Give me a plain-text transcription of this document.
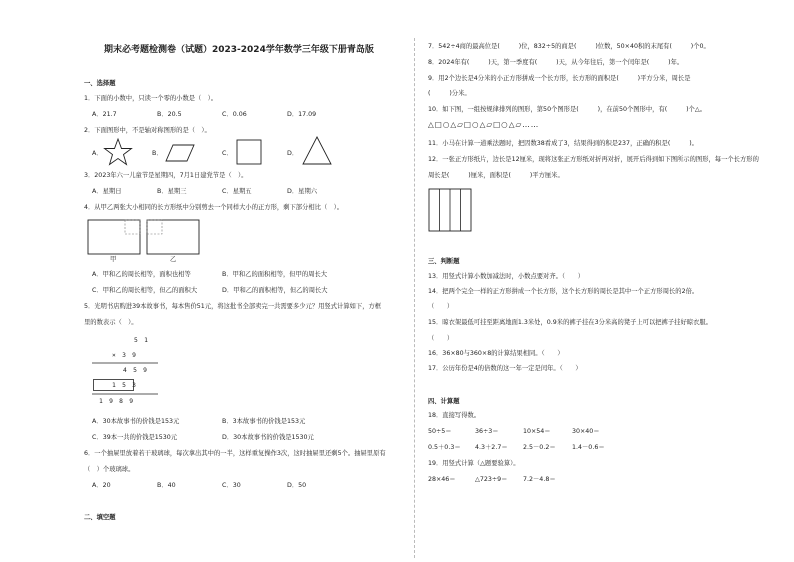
期末必考题检测卷（试题）2023-2024学年数学三年级下册青岛版
一、选择题
1．下面的小数中，只读一个零的小数是（　）。
A．21.7	B．20.5	C．0.06	D．17.09
2．下面图形中，不是轴对称图形的是（　）。
A．	B．	C．	D．
3．2023年六一儿童节是星期四，7月1日建党节是（　）。
A．星期日	B．星期三	C．星期五	D．星期六
4．从甲乙两张大小相同的长方形纸中分别剪去一个同样大小的正方形，剩下部分相比（　）。
甲	乙
A．甲和乙的周长相等，面积也相等	B．甲和乙的面积相等，但甲的周长大
C．甲和乙的周长相等，但乙的面积大	D．甲和乙的面积相等，但乙的周长大
5．光明书店购进39本故事书，每本售价51元，将这批书全部卖完一共需要多少元？用竖式计算如下，方框
里的数表示（　）。
5　1
×　3　9
4　5　9
1　5　3
1　9　8　9
A．30本故事书的价钱是153元	B．3本故事书的价钱是153元
C．39本一共的价钱是1530元	D．30本故事书的价钱是1530元
6．一个抽屉里放着若干玻璃球，每次拿出其中的一半，这样重复操作3次，这时抽屉里还剩5个。抽屉里原有
（　）个玻璃球。
A．20	B．40	C．30	D．50
二、填空题
7．542÷4商的最高位是(　　　)位，832÷5的商是(　　　)位数，50×40积的末尾有(　　　)个0。
8．2024年有(　　　)天，第一季度有(　　　)天，从今年往后，第一个闰年是(　　　)年。
9．用2个边长是4分米的小正方形拼成一个长方形，长方形的面积是(　　　)平方分米，周长是
(　　　)分米。
10．如下图，一组按规律排列的图形，第50个图形是(　　　)，在前50个图形中，有(　　　)个△。
△□○△▱□○△▱□○△▱……
11．小马在计算一道乘法题时，把因数38看成了3，结果得到的积是237，正确的积是(　　　)。
12．一张正方形纸片，边长是12厘米，现将这张正方形纸对折再对折，展开后得到如下图所示的图形，每一个长方形的
周长是(　　　)厘米，面积是(　　　)平方厘米。
三、判断题
13．用竖式计算小数加减法时，小数点要对齐。（　　）
14．把两个完全一样的正方形拼成一个长方形，这个长方形的周长是其中一个正方形周长的2倍。
（　　）
15．晾衣架最低可挂至距离地面1.3米处，0.9米的裤子挂在3分米高的凳子上可以把裤子挂好晾衣服。
（　　）
16．36×80与360×8的计算结果相同。（　　）
17．公历年份是4的倍数的这一年一定是闰年。（　　）
四、计算题
18．直接写得数。
50÷5＝	36÷3＝	10×54＝	30×40＝
0.5＋0.3＝ 4.3＋2.7＝ 2.5－0.2＝	1.4－0.6＝
19．用竖式计算（△题要验算）。
28×46＝	△723÷9＝ 7.2－4.8＝
